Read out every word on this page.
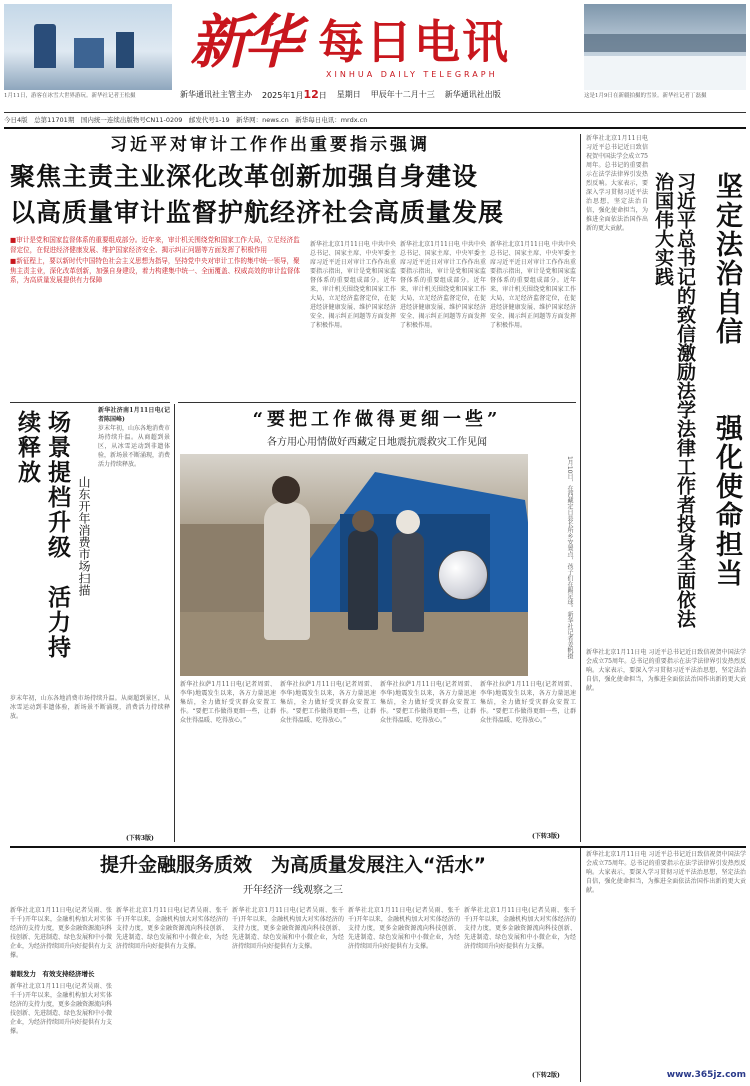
1月11日，游客在冰雪大世界游玩。新华社记者王松摄
新华 每日电讯
XINHUA DAILY TELEGRAPH
新华通讯社主管主办 2025年1月12日 星期日 甲辰年十二月十三 新华通讯社出版	这是1月9日在新疆拍摄的雪景。新华社记者丁磊摄
今日4版　总第11701期　国内统一连续出版物号CN11-0209　邮发代号1-19　新华网：news.cn　新华每日电讯：mrdx.cn
习近平对审计工作作出重要指示强调
聚焦主责主业深化改革创新加强自身建设
以高质量审计监督护航经济社会高质量发展

■审计是党和国家监督体系的重要组成部分。近年来，审计机关围绕党和国家工作大局，立足经济监督定位，在促进经济健康发展、维护国家经济安全、揭示纠正问题等方面发挥了积极作用

■新征程上，要以新时代中国特色社会主义思想为指导，坚持党中央对审计工作的集中统一领导，聚焦主责主业，深化改革创新，加强自身建设，着力构建集中统一、全面覆盖、权威高效的审计监督体系，为高质量发展提供有力保障

新华社北京1月11日电 中共中央总书记、国家主席、中央军委主席习近平近日对审计工作作出重要指示指出，审计是党和国家监督体系的重要组成部分。近年来，审计机关围绕党和国家工作大局，立足经济监督定位，在促进经济健康发展、维护国家经济安全、揭示纠正问题等方面发挥了积极作用。
新华社北京1月11日电 中共中央总书记、国家主席、中央军委主席习近平近日对审计工作作出重要指示指出，审计是党和国家监督体系的重要组成部分。近年来，审计机关围绕党和国家工作大局，立足经济监督定位，在促进经济健康发展、维护国家经济安全、揭示纠正问题等方面发挥了积极作用。
新华社北京1月11日电 中共中央总书记、国家主席、中央军委主席习近平近日对审计工作作出重要指示指出，审计是党和国家监督体系的重要组成部分。近年来，审计机关围绕党和国家工作大局，立足经济监督定位，在促进经济健康发展、维护国家经济安全、揭示纠正问题等方面发挥了积极作用。
新华社北京1月11日电 习近平总书记近日致信祝贺中国法学会成立75周年。总书记的重要指示在法学法律界引发热烈反响。大家表示，要深入学习贯彻习近平法治思想，坚定法治自信，强化使命担当，为推进全面依法治国作出新的更大贡献。	习近平总书记的致信激励法学法律工作者投身全面依法治国伟大实践	坚定法治自信
强化使命担当
新华社北京1月11日电 习近平总书记近日致信祝贺中国法学会成立75周年。总书记的重要指示在法学法律界引发热烈反响。大家表示，要深入学习贯彻习近平法治思想，坚定法治自信，强化使命担当，为推进全面依法治国作出新的更大贡献。
场景提档升级　活力持续释放
山东开年消费市场扫描
新华社济南1月11日电(记者陈国峰)
岁末年初，山东各地消费市场持续升温。从商超到景区，从冰雪运动到非遗体验，新场景不断涌现，消费活力持续释放。
岁末年初，山东各地消费市场持续升温。从商超到景区，从冰雪运动到非遗体验，新场景不断涌现，消费活力持续释放。
(下转3版)
“要把工作做得更细一些”
各方用心用情做好西藏定日地震抗震救灾工作见闻
1月10日，在西藏定日县长所乡安置点，孩子们在踢足球。新华社记者姜帆摄
新华社拉萨1月11日电(记者周雷、李华)地震发生以来，各方力量迅速集结，全力做好受灾群众安置工作。“要把工作做得更细一些，让群众住得温暖、吃得放心。”
新华社拉萨1月11日电(记者周雷、李华)地震发生以来，各方力量迅速集结，全力做好受灾群众安置工作。“要把工作做得更细一些，让群众住得温暖、吃得放心。”
新华社拉萨1月11日电(记者周雷、李华)地震发生以来，各方力量迅速集结，全力做好受灾群众安置工作。“要把工作做得更细一些，让群众住得温暖、吃得放心。”
新华社拉萨1月11日电(记者周雷、李华)地震发生以来，各方力量迅速集结，全力做好受灾群众安置工作。“要把工作做得更细一些，让群众住得温暖、吃得放心。”
(下转3版)
提升金融服务质效　为高质量发展注入“活水”
开年经济一线观察之三
新华社北京1月11日电(记者吴雨、张千千)开年以来，金融机构加大对实体经济的支持力度，更多金融资源流向科技创新、先进制造、绿色发展和中小微企业，为经济持续回升向好提供有力支撑。
着眼发力　有效支持经济增长
新华社北京1月11日电(记者吴雨、张千千)开年以来，金融机构加大对实体经济的支持力度，更多金融资源流向科技创新、先进制造、绿色发展和中小微企业，为经济持续回升向好提供有力支撑。
新华社北京1月11日电(记者吴雨、张千千)开年以来，金融机构加大对实体经济的支持力度，更多金融资源流向科技创新、先进制造、绿色发展和中小微企业，为经济持续回升向好提供有力支撑。
新华社北京1月11日电(记者吴雨、张千千)开年以来，金融机构加大对实体经济的支持力度，更多金融资源流向科技创新、先进制造、绿色发展和中小微企业，为经济持续回升向好提供有力支撑。
新华社北京1月11日电(记者吴雨、张千千)开年以来，金融机构加大对实体经济的支持力度，更多金融资源流向科技创新、先进制造、绿色发展和中小微企业，为经济持续回升向好提供有力支撑。
新华社北京1月11日电(记者吴雨、张千千)开年以来，金融机构加大对实体经济的支持力度，更多金融资源流向科技创新、先进制造、绿色发展和中小微企业，为经济持续回升向好提供有力支撑。
(下转2版)
新华社北京1月11日电 习近平总书记近日致信祝贺中国法学会成立75周年。总书记的重要指示在法学法律界引发热烈反响。大家表示，要深入学习贯彻习近平法治思想，坚定法治自信，强化使命担当，为推进全面依法治国作出新的更大贡献。
www.365jz.com
